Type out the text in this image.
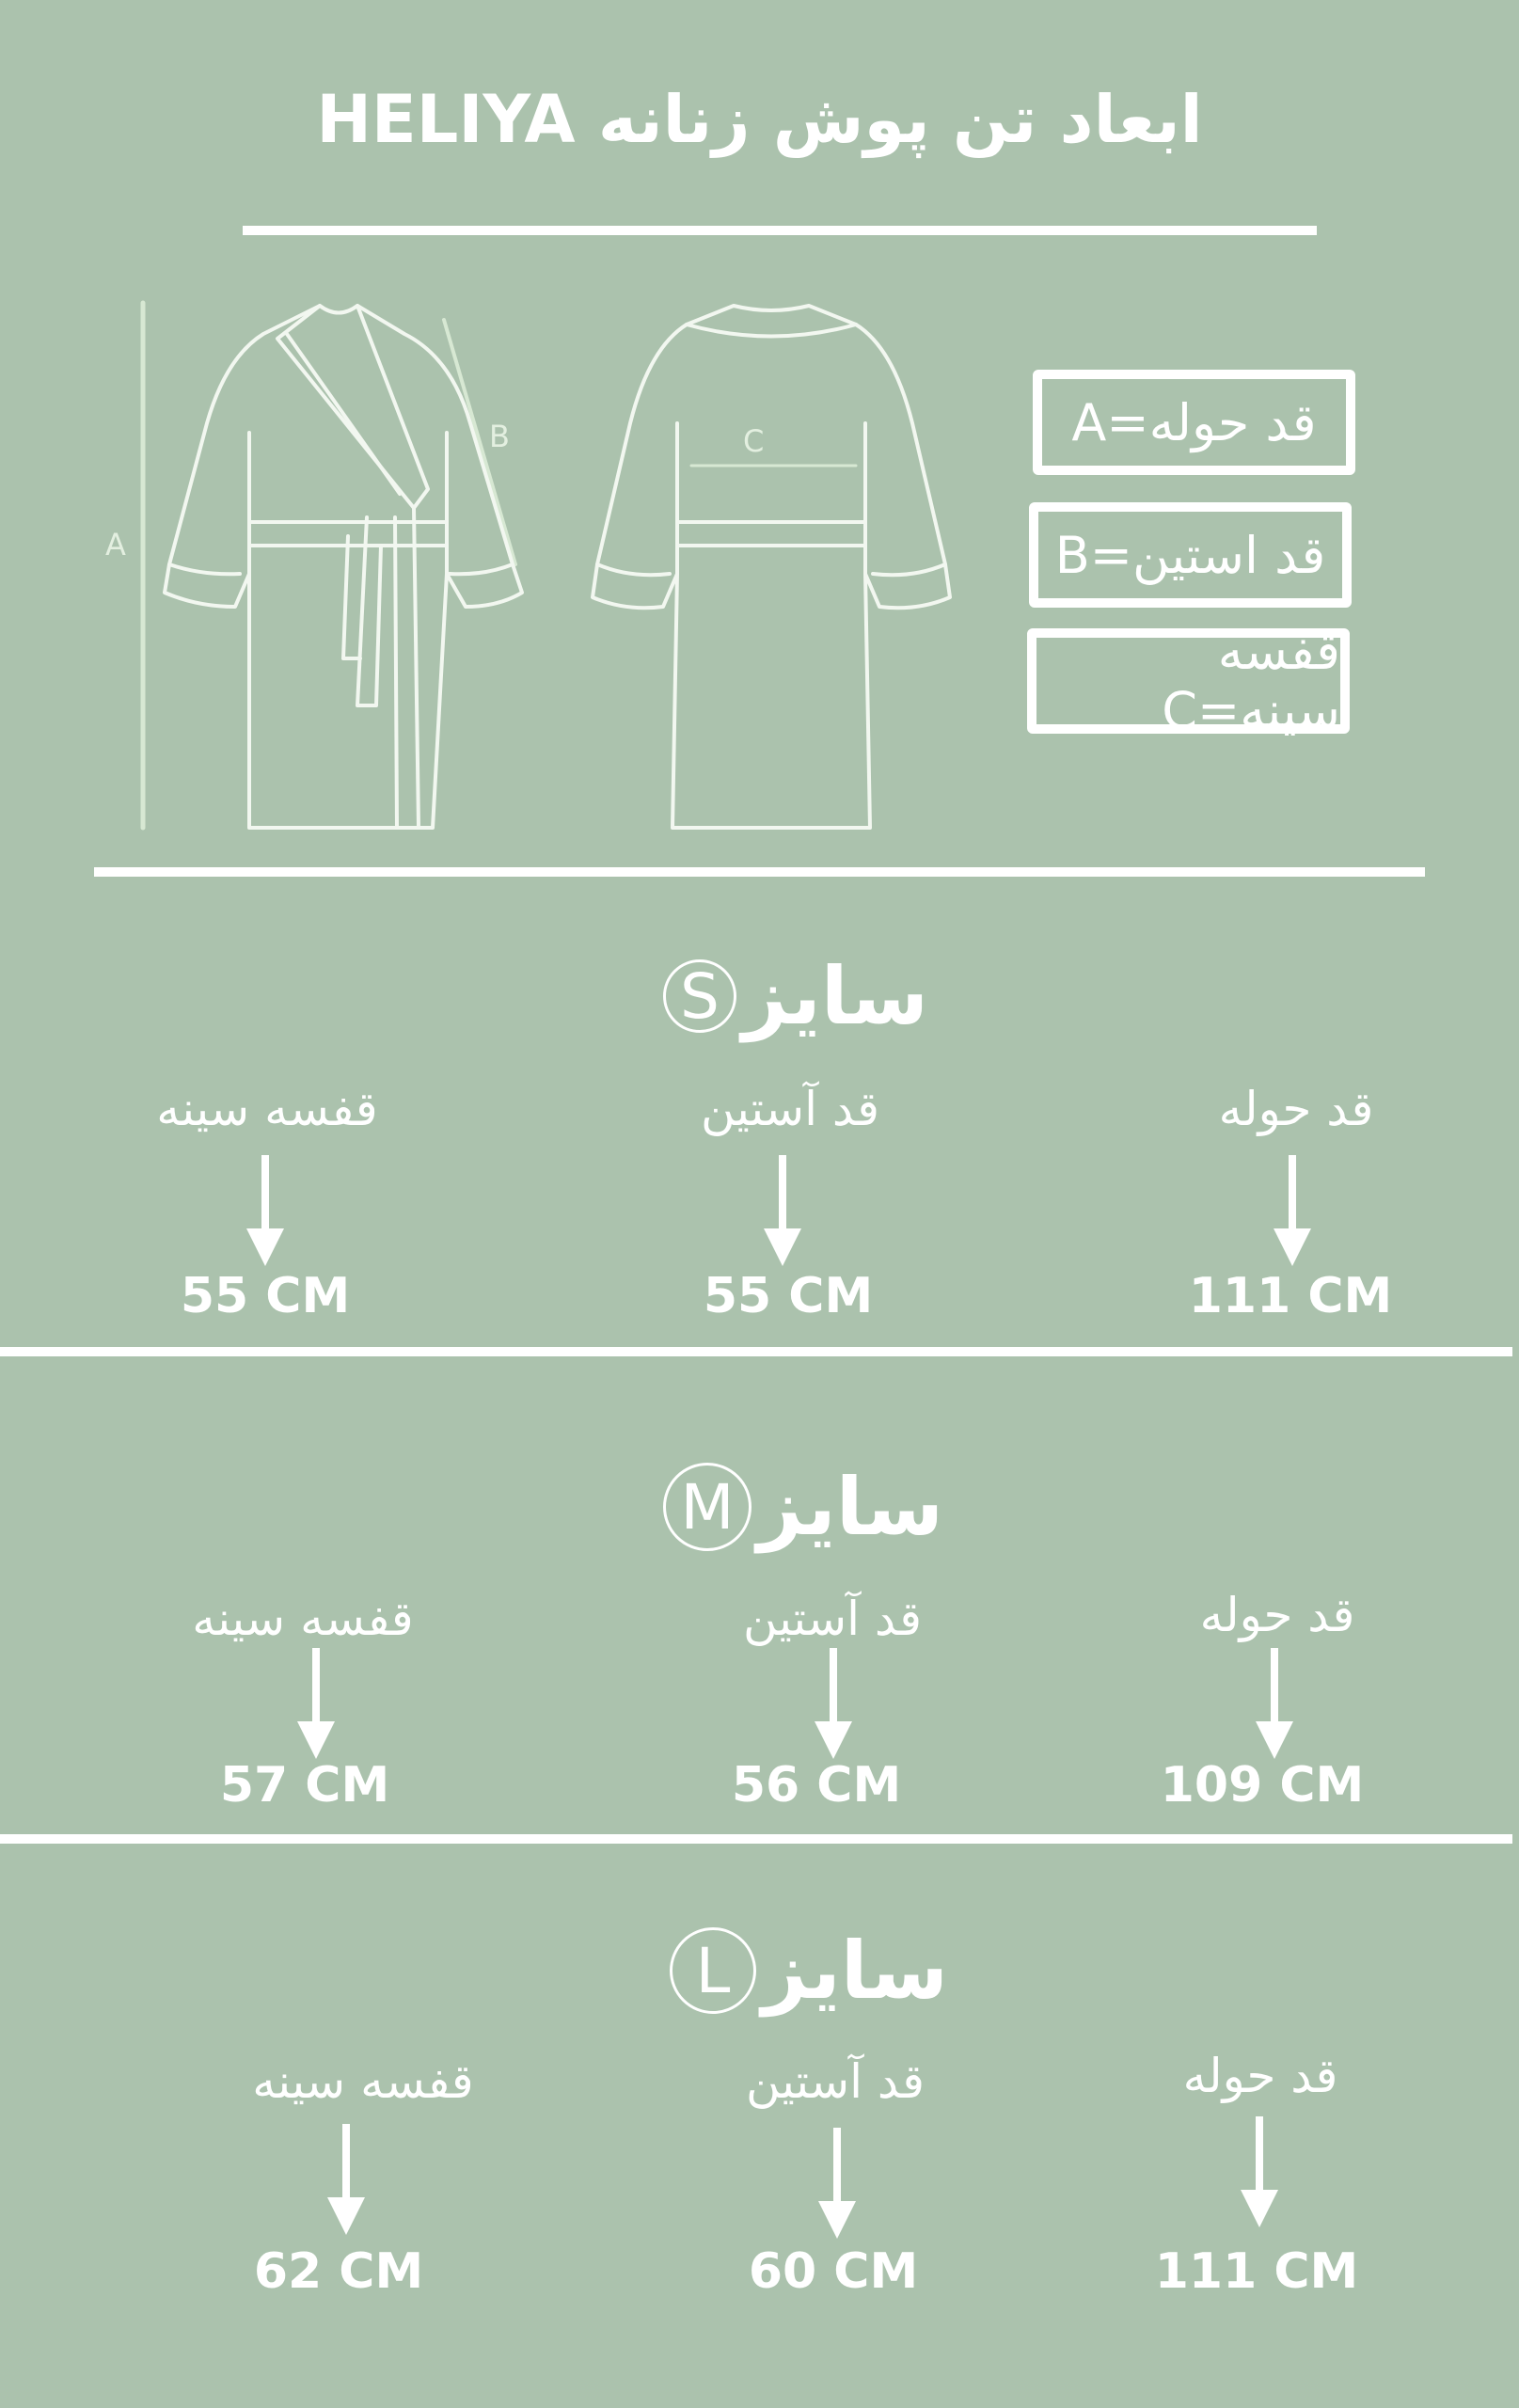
HELIYA ابعاد تن پوش زنانه
A
B	C	قد حوله=A
قد استین=B
قفسه سینه=C
S سایز
قد حوله
قد آستین
قفسه سینه
111 CM
55 CM
55 CM
M سایز
قد حوله
قد آستین
قفسه سینه
109 CM
56 CM
57 CM
L سایز
قد حوله
قد آستین
قفسه سینه
111 CM
60 CM
62 CM
